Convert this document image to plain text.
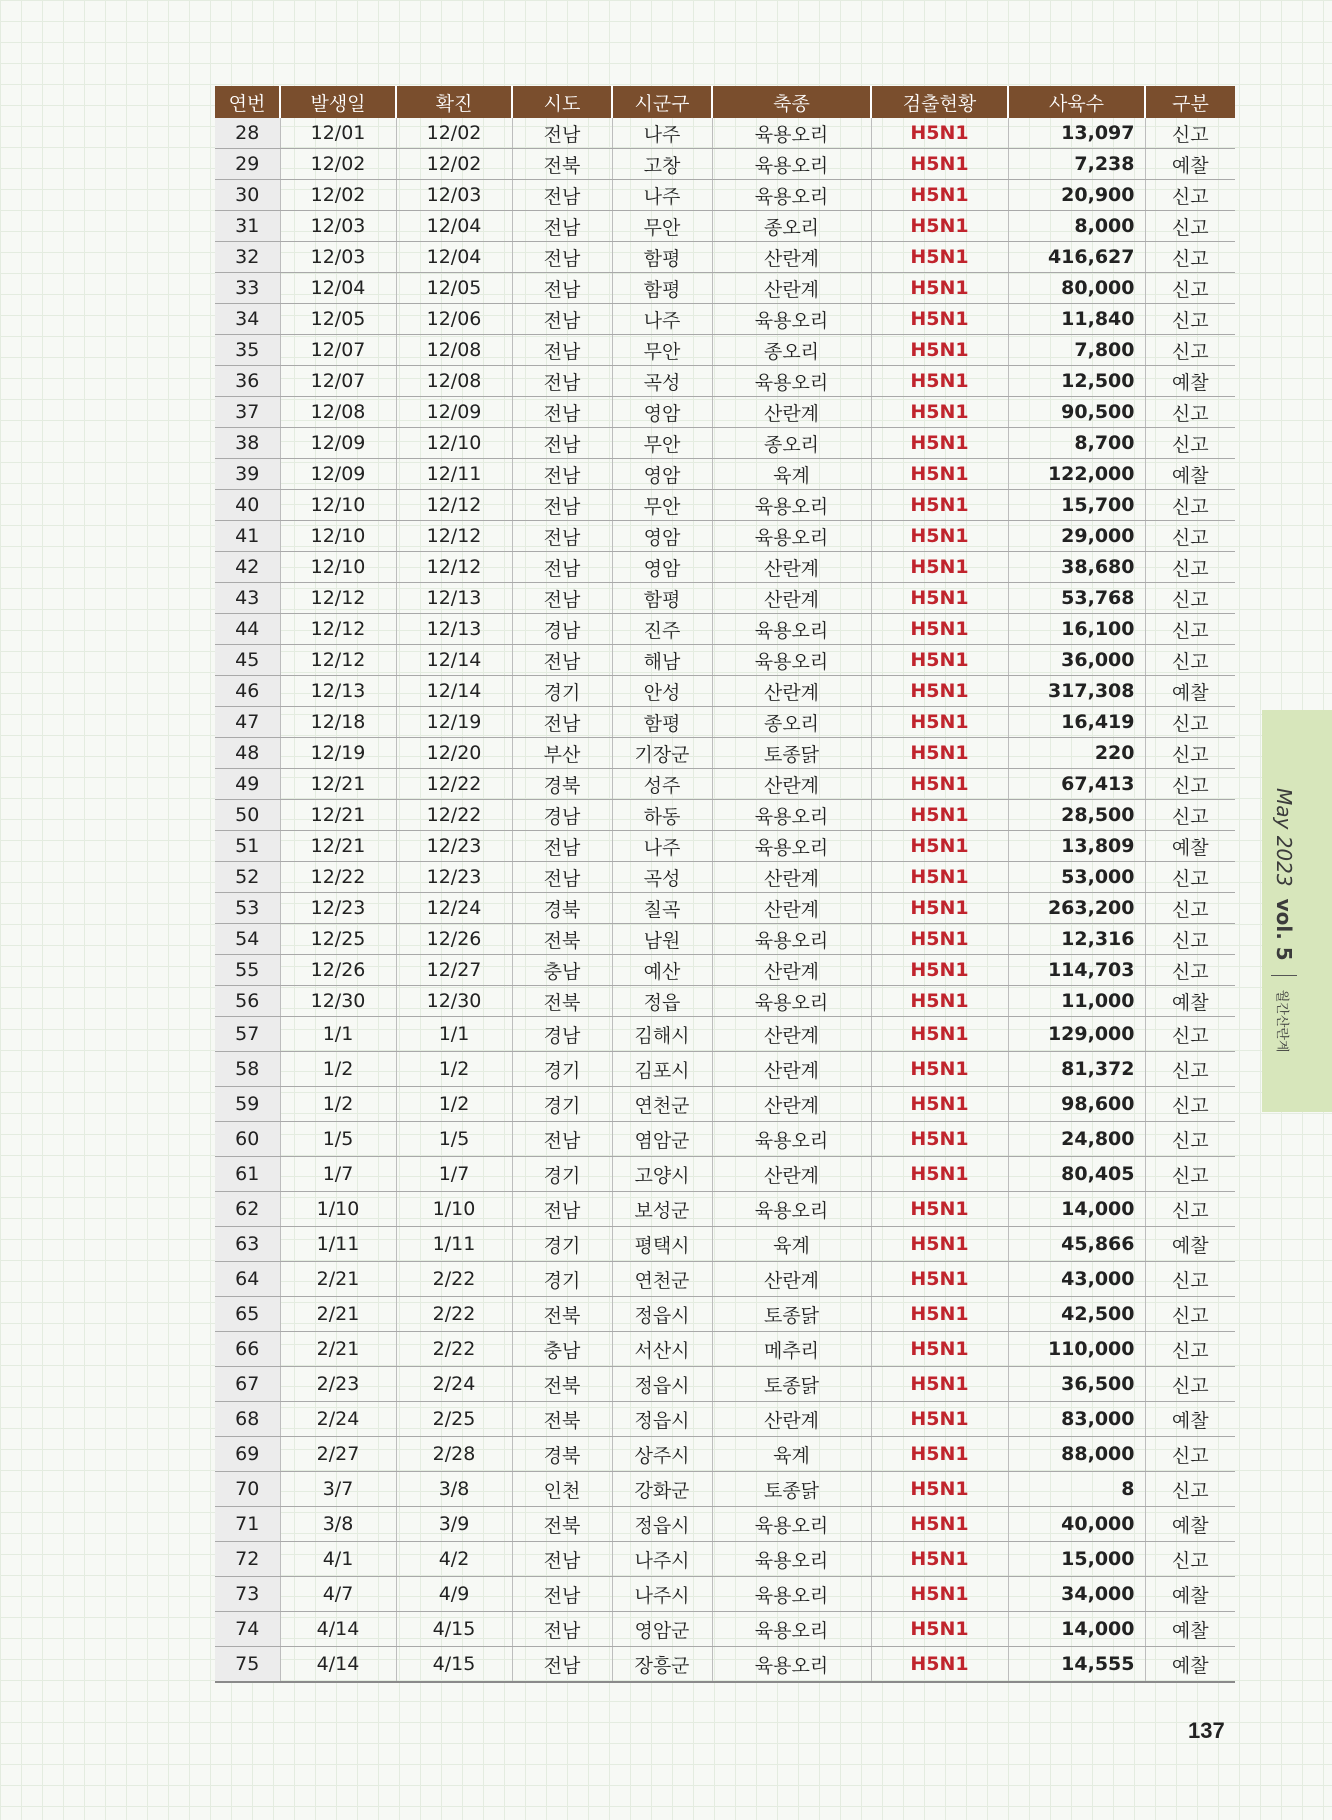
연번	발생일	확진	시도	시군구	축종	검출현황	사육수	구분
28	12/01	12/02	전남	나주	육용오리	H5N1	13,097	신고
29	12/02	12/02	전북	고창	육용오리	H5N1	7,238	예찰
30	12/02	12/03	전남	나주	육용오리	H5N1	20,900	신고
31	12/03	12/04	전남	무안	종오리	H5N1	8,000	신고
32	12/03	12/04	전남	함평	산란계	H5N1	416,627	신고
33	12/04	12/05	전남	함평	산란계	H5N1	80,000	신고
34	12/05	12/06	전남	나주	육용오리	H5N1	11,840	신고
35	12/07	12/08	전남	무안	종오리	H5N1	7,800	신고
36	12/07	12/08	전남	곡성	육용오리	H5N1	12,500	예찰
37	12/08	12/09	전남	영암	산란계	H5N1	90,500	신고
38	12/09	12/10	전남	무안	종오리	H5N1	8,700	신고
39	12/09	12/11	전남	영암	육계	H5N1	122,000	예찰
40	12/10	12/12	전남	무안	육용오리	H5N1	15,700	신고
41	12/10	12/12	전남	영암	육용오리	H5N1	29,000	신고
42	12/10	12/12	전남	영암	산란계	H5N1	38,680	신고
43	12/12	12/13	전남	함평	산란계	H5N1	53,768	신고
44	12/12	12/13	경남	진주	육용오리	H5N1	16,100	신고
45	12/12	12/14	전남	해남	육용오리	H5N1	36,000	신고
46	12/13	12/14	경기	안성	산란계	H5N1	317,308	예찰
47	12/18	12/19	전남	함평	종오리	H5N1	16,419	신고
48	12/19	12/20	부산	기장군	토종닭	H5N1	220	신고
49	12/21	12/22	경북	성주	산란계	H5N1	67,413	신고
50	12/21	12/22	경남	하동	육용오리	H5N1	28,500	신고
51	12/21	12/23	전남	나주	육용오리	H5N1	13,809	예찰
52	12/22	12/23	전남	곡성	산란계	H5N1	53,000	신고
53	12/23	12/24	경북	칠곡	산란계	H5N1	263,200	신고
54	12/25	12/26	전북	남원	육용오리	H5N1	12,316	신고
55	12/26	12/27	충남	예산	산란계	H5N1	114,703	신고
56	12/30	12/30	전북	정읍	육용오리	H5N1	11,000	예찰
57	1/1	1/1	경남	김해시	산란계	H5N1	129,000	신고
58	1/2	1/2	경기	김포시	산란계	H5N1	81,372	신고
59	1/2	1/2	경기	연천군	산란계	H5N1	98,600	신고
60	1/5	1/5	전남	염암군	육용오리	H5N1	24,800	신고
61	1/7	1/7	경기	고양시	산란계	H5N1	80,405	신고
62	1/10	1/10	전남	보성군	육용오리	H5N1	14,000	신고
63	1/11	1/11	경기	평택시	육계	H5N1	45,866	예찰
64	2/21	2/22	경기	연천군	산란계	H5N1	43,000	신고
65	2/21	2/22	전북	정읍시	토종닭	H5N1	42,500	신고
66	2/21	2/22	충남	서산시	메추리	H5N1	110,000	신고
67	2/23	2/24	전북	정읍시	토종닭	H5N1	36,500	신고
68	2/24	2/25	전북	정읍시	산란계	H5N1	83,000	예찰
69	2/27	2/28	경북	상주시	육계	H5N1	88,000	신고
70	3/7	3/8	인천	강화군	토종닭	H5N1	8	신고
71	3/8	3/9	전북	정읍시	육용오리	H5N1	40,000	예찰
72	4/1	4/2	전남	나주시	육용오리	H5N1	15,000	신고
73	4/7	4/9	전남	나주시	육용오리	H5N1	34,000	예찰
74	4/14	4/15	전남	영암군	육용오리	H5N1	14,000	예찰
75	4/14	4/15	전남	장흥군	육용오리	H5N1	14,555	예찰
May 2023
vol. 5
월간산란계
137
